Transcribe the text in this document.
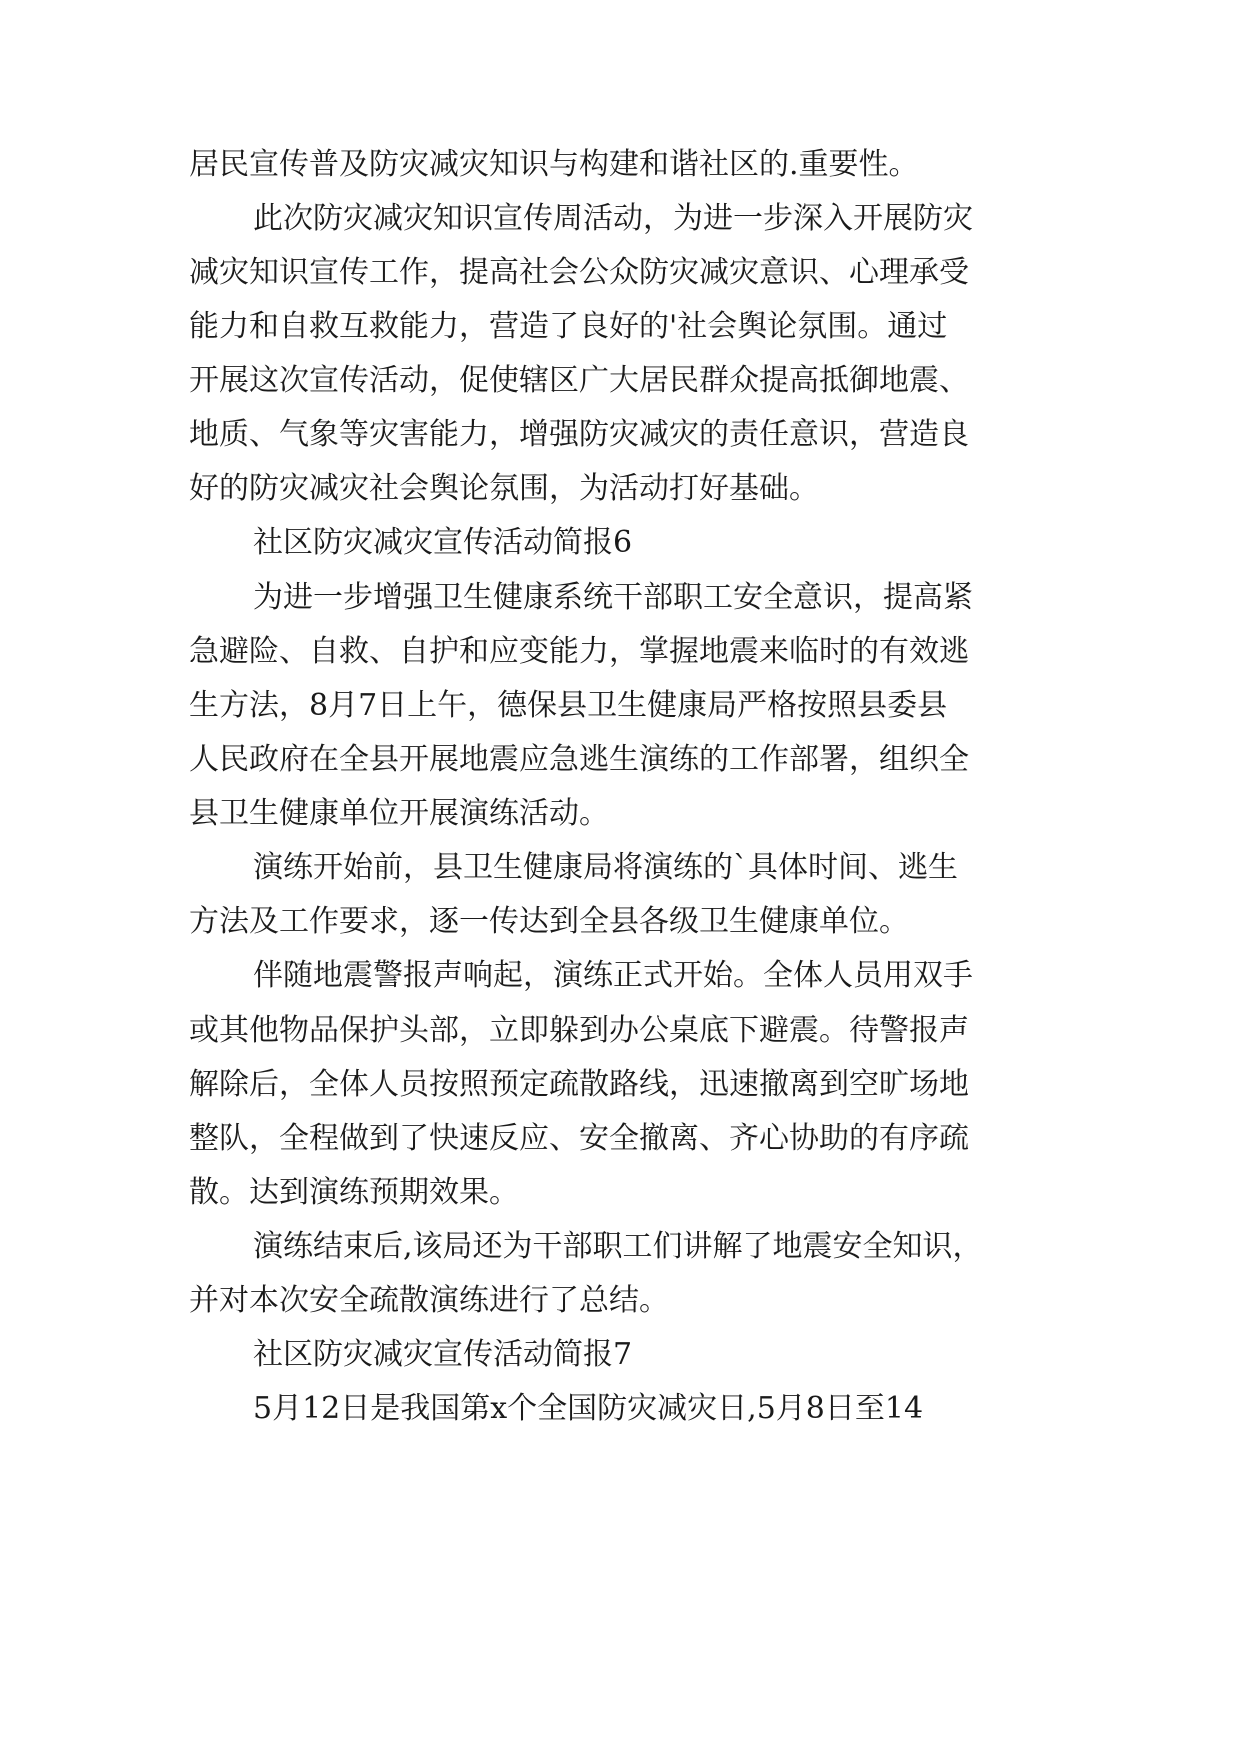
居民宣传普及防灾减灾知识与构建和谐社区的.重要性。

此次防灾减灾知识宣传周活动，为进一步深入开展防灾

减灾知识宣传工作，提高社会公众防灾减灾意识、心理承受

能力和自救互救能力，营造了良好的'社会舆论氛围。通过

开展这次宣传活动，促使辖区广大居民群众提高抵御地震、

地质、气象等灾害能力，增强防灾减灾的责任意识，营造良

好的防灾减灾社会舆论氛围，为活动打好基础。

社区防灾减灾宣传活动简报6

为进一步增强卫生健康系统干部职工安全意识，提高紧

急避险、自救、自护和应变能力，掌握地震来临时的有效逃

生方法，8月7日上午，德保县卫生健康局严格按照县委县

人民政府在全县开展地震应急逃生演练的工作部署，组织全

县卫生健康单位开展演练活动。

演练开始前，县卫生健康局将演练的`具体时间、逃生

方法及工作要求，逐一传达到全县各级卫生健康单位。

伴随地震警报声响起，演练正式开始。全体人员用双手

或其他物品保护头部，立即躲到办公桌底下避震。待警报声

解除后，全体人员按照预定疏散路线，迅速撤离到空旷场地

整队，全程做到了快速反应、安全撤离、齐心协助的有序疏

散。达到演练预期效果。

演练结束后,该局还为干部职工们讲解了地震安全知识，

并对本次安全疏散演练进行了总结。

社区防灾减灾宣传活动简报7

5月12日是我国第x个全国防灾减灾日,5月8日至14
